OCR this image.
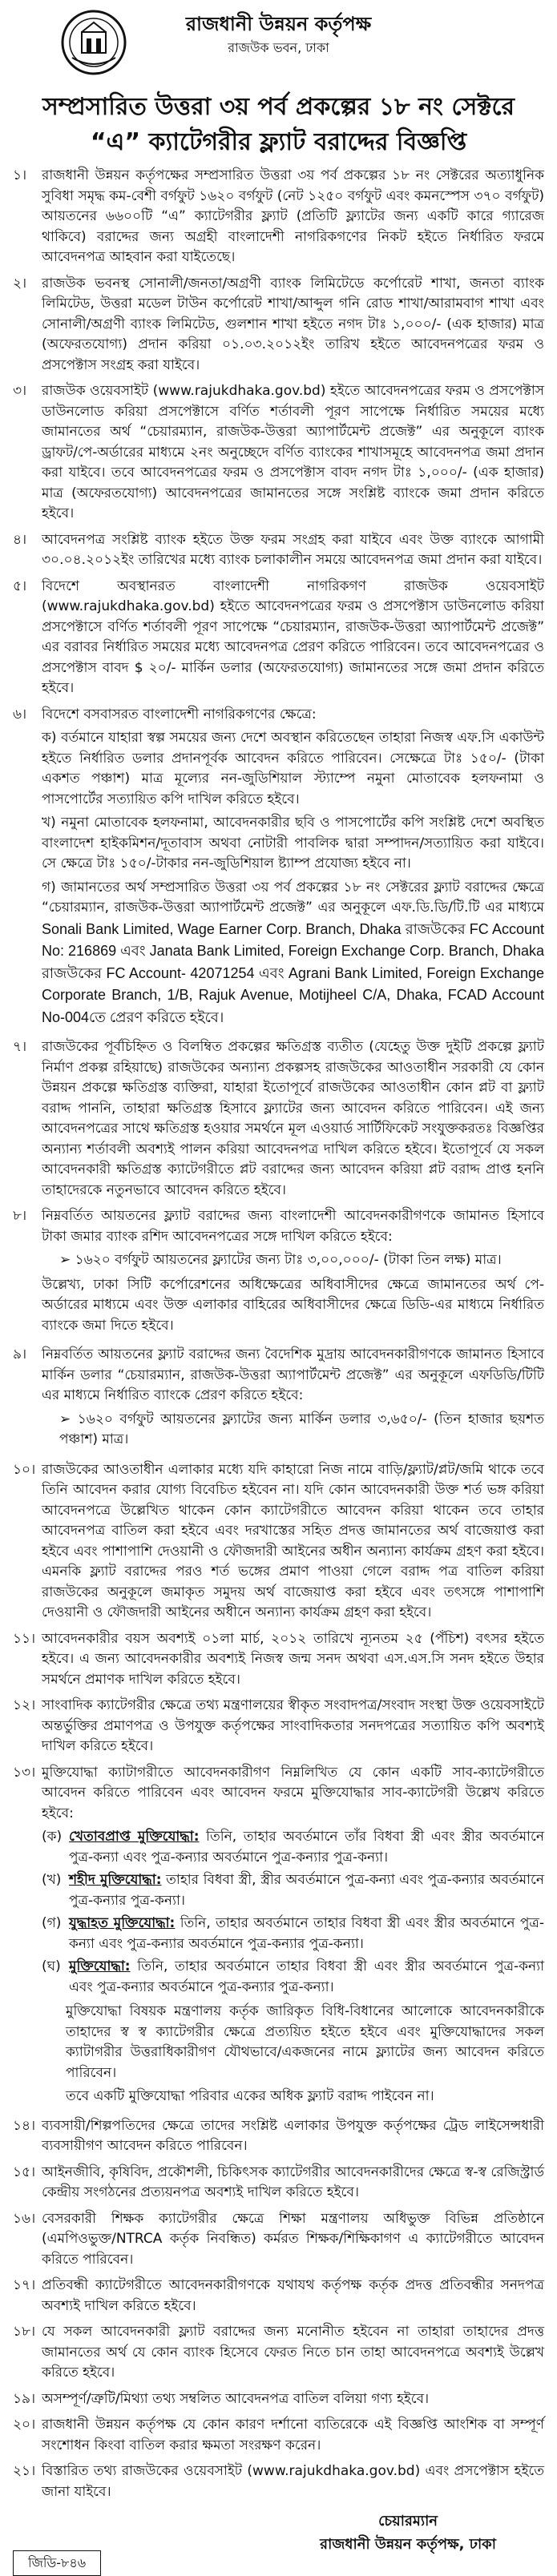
রাজধানী উন্নয়ন কর্তৃপক্ষ
রাজউক ভবন, ঢাকা
সম্প্রসারিত উত্তরা ৩য় পর্ব প্রকল্পের ১৮ নং সেক্টরে
“এ” ক্যাটেগরীর ফ্ল্যাট বরাদ্দের বিজ্ঞপ্তি
১।	রাজধানী উন্নয়ন কর্তৃপক্ষের সম্প্রসারিত উত্তরা ৩য় পর্ব প্রকল্পের ১৮ নং সেক্টরের অত্যাধুনিক সুবিধা সমৃদ্ধ কম-বেশী বর্গফুট ১৬২০ বর্গফুট (নেট ১২৫০ বর্গফুট এবং কমনস্পেস ৩৭০ বর্গফুট) আয়তনের ৬৬০০টি “এ” ক্যাটেগরীর ফ্ল্যাট (প্রতিটি ফ্ল্যাটের জন্য একটি কারে গ্যারেজ থাকিবে) বরাদ্দের জন্য অগ্রহী বাংলাদেশী নাগরিকগণের নিকট হইতে নির্ধারিত ফরমে আবেদনপত্র আহবান করা যাইতেছে।
২।	রাজউক ভবনস্থ সোনালী/জনতা/অগ্রণী ব্যাংক লিমিটেডে কর্পোরেট শাখা, জনতা ব্যাংক লিমিটেড, উত্তরা মডেল টাউন কর্পোরেট শাখা/আব্দুল গনি রোড শাখা/আরামবাগ শাখা এবং সোনালী/অগ্রণী ব্যাংক লিমিটেড, গুলশান শাখা হইতে নগদ টাঃ ১,০০০/- (এক হাজার) মাত্র (অফেরতযোগ্য) প্রদান করিয়া ০১.০৩.২০১২ইং তারিখ হইতে আবেদনপত্রের ফরম ও প্রসপেক্টাস সংগ্রহ করা যাইবে।
৩।	রাজউক ওয়েবসাইট (www.rajukdhaka.gov.bd) হইতে আবেদনপত্রের ফরম ও প্রসপেক্টাস ডাউনলোড করিয়া প্রসপেক্টাসে বর্ণিত শর্তাবলী পূরণ সাপেক্ষে নির্ধারিত সময়ের মধ্যে জামানতের অর্থ “চেয়ারম্যান, রাজউক-উত্তরা অ্যাপার্টমেন্ট প্রজেক্ট” এর অনুকূলে ব্যাংক ড্রাফট/পে-অর্ডারের মাধ্যমে ২নং অনুচ্ছেদে বর্ণিত ব্যাংকের শাখাসমূহে আবেদনপত্র জমা প্রদান করা যাইবে। তবে আবেদনপত্রের ফরম ও প্রসপেক্টাস বাবদ নগদ টাঃ ১,০০০/- (এক হাজার) মাত্র (অফেরতযোগ্য) আবেদনপত্রের জামানতের সঙ্গে সংশ্লিষ্ট ব্যাংকে জমা প্রদান করিতে হইবে।
৪।	আবেদনপত্র সংশ্লিষ্ট ব্যাংক হইতে উক্ত ফরম সংগ্রহ করা যাইবে এবং উক্ত ব্যাংকে আগামী ৩০.০৪.২০১২ইং তারিখের মধ্যে ব্যাংক চলাকালীন সময়ে আবেদনপত্র জমা প্রদান করা যাইবে।
৫।	বিদেশে অবস্থানরত বাংলাদেশী নাগরিকগণ রাজউক ওয়েবসাইট (www.rajukdhaka.gov.bd) হইতে আবেদনপত্রের ফরম ও প্রসপেক্টাস ডাউনলোড করিয়া প্রসপেক্টাসে বর্ণিত শর্তাবলী পূরণ সাপেক্ষে “চেয়ারম্যান, রাজউক-উত্তরা অ্যাপার্টমেন্ট প্রজেক্ট” এর বরাবর নির্ধারিত সময়ের মধ্যে আবেদনপত্র প্রেরণ করিতে পারিবেন। তবে আবেদনপত্রের ও প্রসপেক্টাস বাবদ $ ২০/- মার্কিন ডলার (অফেরতযোগ্য) জামানতের সঙ্গে জমা প্রদান করিতে হইবে।
৬।	বিদেশে বসবাসরত বাংলাদেশী নাগরিকগণের ক্ষেত্রে:

ক) বর্তমানে যাহারা স্বল্প সময়ের জন্য দেশে অবস্থান করিতেছেন তাহারা নিজস্ব এফ.সি একাউন্ট হইতে নির্ধারিত ডলার প্রদানপূর্বক আবেদন করিতে পারিবেন। সেক্ষেত্রে টাঃ ১৫০/- (টাকা একশত পঞ্চাশ) মাত্র মূল্যের নন-জুডিশিয়াল স্ট্যাম্পে নমুনা মোতাবেক হলফনামা ও পাসপোর্টের সত্যায়িত কপি দাখিল করিতে হইবে।

খ) নমুনা মোতাবেক হলফনামা, আবেদনকারীর ছবি ও পাসপোর্টের কপি সংশ্লিষ্ট দেশে অবস্থিত বাংলাদেশ হাইকমিশন/দূতাবাস অথবা নোটারী পাবলিক দ্বারা সম্পাদন/সত্যায়িত করা যাইবে। সে ক্ষেত্রে টাঃ ১৫০/-টাকার নন-জুডিশিয়াল ষ্ট্যাম্প প্রযোজ্য হইবে না।

গ) জামানতের অর্থ সম্প্রসারিত উত্তরা ৩য় পর্ব প্রকল্পের ১৮ নং সেক্টরের ফ্ল্যাট বরাদ্দের ক্ষেত্রে “চেয়ারম্যান, রাজউক-উত্তরা অ্যাপার্টমেন্ট প্রজেক্ট” এর অনুকূলে এফ.ডি.ডি/টি.টি এর মাধ্যমে Sonali Bank Limited, Wage Earner Corp. Branch, Dhaka রাজউকের FC Account No: 216869 এবং Janata Bank Limited, Foreign Exchange Corp. Branch, Dhaka রাজউকের FC Account- 42071254 এবং Agrani Bank Limited, Foreign Exchange Corporate Branch, 1/B, Rajuk Avenue, Motijheel C/A, Dhaka, FCAD Account No-004তে প্রেরণ করিতে হইবে।

৭।	রাজউকের পূর্বচিহ্নিত ও বিলম্বিত প্রকল্পের ক্ষতিগ্রস্ত ব্যতীত (যেহেতু উক্ত দুইটি প্রকল্পে ফ্ল্যাট নির্মাণ প্রকল্প রহিয়াছে) রাজউকের অন্যান্য প্রকল্পসহ রাজউকের আওতাধীন সরকারী যে কোন উন্নয়ন প্রকল্পে ক্ষতিগ্রস্ত ব্যক্তিরা, যাহারা ইতোপূর্বে রাজউকের আওতাধীন কোন প্লট বা ফ্ল্যাট বরাদ্দ পাননি, তাহারা ক্ষতিগ্রস্ত হিসাবে ফ্ল্যাটের জন্য আবেদন করিতে পারিবেন। এই জন্য আবেদনপত্রের সাথে ক্ষতিগ্রস্ত হওয়ার সমর্থনে মূল এওয়ার্ড সার্টিফিকেট সংযুক্তকরতঃ বিজ্ঞপ্তির অন্যান্য শর্তাবলী অবশ্যই পালন করিয়া আবেদনপত্র দাখিল করিতে হইবে। ইতোপূর্বে যে সকল আবেদনকারী ক্ষতিগ্রস্ত ক্যাটেগরীতে প্লট বরাদ্দের জন্য আবেদন করিয়া প্লট বরাদ্দ প্রাপ্ত হননি তাহাদেরকে নতুনভাবে আবেদন করিতে হইবে।
৮।	নিম্নবর্তিত আয়তনের ফ্ল্যাট বরাদ্দের জন্য বাংলাদেশী আবেদনকারীগণকে জামানত হিসাবে টাকা জমার ব্যাংক রশিদ আবেদনপত্রের সঙ্গে দাখিল করিতে হইবে:

➢ ১৬২০ বর্গফুট আয়তনের ফ্ল্যাটের জন্য টাঃ ৩,০০,০০০/- (টাকা তিন লক্ষ) মাত্র।

উল্লেখ্য, ঢাকা সিটি কর্পোরেশনের অধিক্ষেত্রের অধিবাসীদের ক্ষেত্রে জামানতের অর্থ পে-অর্ডারের মাধ্যমে এবং উক্ত এলাকার বাহিরের অধিবাসীদের ক্ষেত্রে ডিডি-এর মাধ্যমে নির্ধারিত ব্যাংকে জমা দিতে হইবে।

৯।	নিম্নবর্তিত আয়তনের ফ্ল্যাট বরাদ্দের জন্য বৈদেশিক মুদ্রায় আবেদনকারীগণকে জামানত হিসাবে মার্কিন ডলার “চেয়ারম্যান, রাজউক-উত্তরা অ্যাপার্টমেন্ট প্রজেক্ট” এর অনুকূলে এফডিডি/টিটি এর মাধ্যমে নির্ধারিত ব্যাংকে প্রেরণ করিতে হইবে:

➢ ১৬২০ বর্গফুট আয়তনের ফ্ল্যাটের জন্য মার্কিন ডলার ৩,৬৫০/- (তিন হাজার ছয়শত পঞ্চাশ) মাত্র।
১০। রাজউকের আওতাধীন এলাকার মধ্যে যদি কাহারো নিজ নামে বাড়ি/ফ্ল্যাট/প্লট/জমি থাকে তবে তিনি আবেদন করার যোগ্য বিবেচিত হইবেন না। যদি কোন আবেদনকারী উক্ত শর্ত ভঙ্গ করিয়া আবেদনপত্রে উল্লেখিত থাকেন কোন ক্যাটেগরীতে আবেদন করিয়া থাকেন তবে তাহার আবেদনপত্র বাতিল করা হইবে এবং দরখাস্তের সহিত প্রদত্ত জামানতের অর্থ বাজেয়াপ্ত করা হইবে এবং পাশাপাশি দেওয়ানী ও ফৌজদারী আইনের অধীন অন্যান্য কার্যক্রম গ্রহণ করা হইবে। এমনকি ফ্ল্যাট বরাদ্দের পরও শর্ত ভঙ্গের প্রমাণ পাওয়া গেলে বরাদ্দ পত্র বাতিল করিয়া রাজউকের অনুকূলে জমাকৃত সমুদয় অর্থ বাজেয়াপ্ত করা হইবে এবং তৎসঙ্গে পাশাপাশি দেওয়ানী ও ফৌজদারী আইনের অধীনে অন্যান্য কার্যক্রম গ্রহণ করা হইবে।
১১। আবেদনকারীর বয়স অবশ্যই ০১লা মার্চ, ২০১২ তারিখে ন্যূনতম ২৫ (পঁচিশ) বৎসর হইতে হইবে। এ জন্য আবেদনকারীর অবশ্যই নিজস্ব জন্ম সনদ অথবা এস.এস.সি সনদ হইতে উহার সমর্থনে প্রমাণক দাখিল করিতে হইবে।
১২। সাংবাদিক ক্যাটেগরীর ক্ষেত্রে তথ্য মন্ত্রণালয়ের স্বীকৃত সংবাদপত্র/সংবাদ সংস্থা উক্ত ওয়েবসাইটে অন্তর্ভুক্তির প্রমাণপত্র ও উপযুক্ত কর্তৃপক্ষের সাংবাদিকতার সনদপত্রের সত্যায়িত কপি অবশ্যই দাখিল করিতে হইবে।
১৩। মুক্তিযোদ্ধা ক্যাটাগরীতে আবেদনকারীগণ নিম্নলিখিত যে কোন একটি সাব-ক্যাটেগরীতে আবেদন করিতে পারিবেন এবং আবেদন ফরমে মুক্তিযোদ্ধার সাব-ক্যাটেগরী উল্লেখ করিতে হইবে:

(ক) খেতাবপ্রাপ্ত মুক্তিযোদ্ধা: তিনি, তাহার অবর্তমানে তাঁর বিধবা স্ত্রী এবং স্ত্রীর অবর্তমানে পুত্র-কন্যা এবং পুত্র-কন্যার অবর্তমানে পুত্র-কন্যার পুত্র-কন্যা।
(খ) শহীদ মুক্তিযোদ্ধা: তাহার বিধবা স্ত্রী, স্ত্রীর অবর্তমানে পুত্র-কন্যা এবং পুত্র-কন্যার অবর্তমানে পুত্র-কন্যার পুত্র-কন্যা।
(গ) যুদ্ধাহত মুক্তিযোদ্ধা: তিনি, তাহার অবর্তমানে তাহার বিধবা স্ত্রী এবং স্ত্রীর অবর্তমানে পুত্র-কন্যা এবং পুত্র-কন্যার অবর্তমানে পুত্র-কন্যার পুত্র-কন্যা।
(ঘ) মুক্তিযোদ্ধা: তিনি, তাহার অবর্তমানে তাহার বিধবা স্ত্রী এবং স্ত্রীর অবর্তমানে পুত্র-কন্যা এবং পুত্র-কন্যার অবর্তমানে পুত্র-কন্যার পুত্র-কন্যা।

মুক্তিযোদ্ধা বিষয়ক মন্ত্রণালয় কর্তৃক জারিকৃত বিধি-বিধানের আলোকে আবেদনকারীকে তাহাদের স্ব স্ব ক্যাটেগরীর ক্ষেত্রে প্রত্যয়িত হইতে হইবে এবং মুক্তিযোদ্ধাদের সকল ক্যাটাগরীর উত্তরাধিকারীগণ যৌথভাবে/একজনের নামে ফ্ল্যাটের জন্য আবেদন করিতে পারিবেন।

তবে একটি মুক্তিযোদ্ধা পরিবার একের অধিক ফ্ল্যাট বরাদ্দ পাইবেন না।

১৪। ব্যবসায়ী/শিল্পপতিদের ক্ষেত্রে তাদের সংশ্লিষ্ট এলাকার উপযুক্ত কর্তৃপক্ষের ট্রেড লাইসেন্সধারী ব্যবসায়ীগণ আবেদন করিতে পারিবেন।
১৫। আইনজীবি, কৃষিবিদ, প্রকৌশলী, চিকিৎসক ক্যাটেগরীর আবেদনকারীদের ক্ষেত্রে স্ব-স্ব রেজিস্ট্রার্ড কেন্দ্রীয় সংগঠনের প্রত্যয়নপত্র অবশ্যই দাখিল করিতে হইবে।
১৬। বেসরকারী শিক্ষক ক্যাটেগরীর ক্ষেত্রে শিক্ষা মন্ত্রণালয় অধিভুক্ত বিভিন্ন প্রতিষ্ঠানে (এমপিওভুক্ত/NTRCA কর্তৃক নিবন্ধিত) কর্মরত শিক্ষক/শিক্ষিকাগণ এ ক্যাটেগরীতে আবেদন করিতে পারিবেন।
১৭। প্রতিবন্ধী ক্যাটেগরীতে আবেদনকারীগণকে যথাযথ কর্তৃপক্ষ কর্তৃক প্রদত্ত প্রতিবন্ধীর সনদপত্র অবশ্যই দাখিল করিতে হইবে।
১৮। যে সকল আবেদনকারী ফ্ল্যাট বরাদ্দের জন্য মনোনীত হইবেন না তাহারা তাহাদের প্রদত্ত জামানতের অর্থ যে কোন ব্যাংক হিসেবে ফেরত নিতে চান তাহা আবেদনপত্রে অবশ্যই উল্লেখ করিতে হইবে।
১৯। অসম্পূর্ণ/ত্রুটি/মিথ্যা তথ্য সম্বলিত আবেদনপত্র বাতিল বলিয়া গণ্য হইবে।
২০। রাজধানী উন্নয়ন কর্তৃপক্ষ যে কোন কারণ দর্শানো ব্যতিরেকে এই বিজ্ঞপ্তি আংশিক বা সম্পূর্ণ সংশোধন কিংবা বাতিল করার ক্ষমতা সংরক্ষণ করেন।
২১। বিস্তারিত তথ্য রাজউকের ওয়েবসাইট (www.rajukdhaka.gov.bd) এবং প্রসপেক্টাস হইতে জানা যাইবে।
চেয়ারম্যান
রাজধানী উন্নয়ন কর্তৃপক্ষ, ঢাকা
জিডি-৮৪৬
